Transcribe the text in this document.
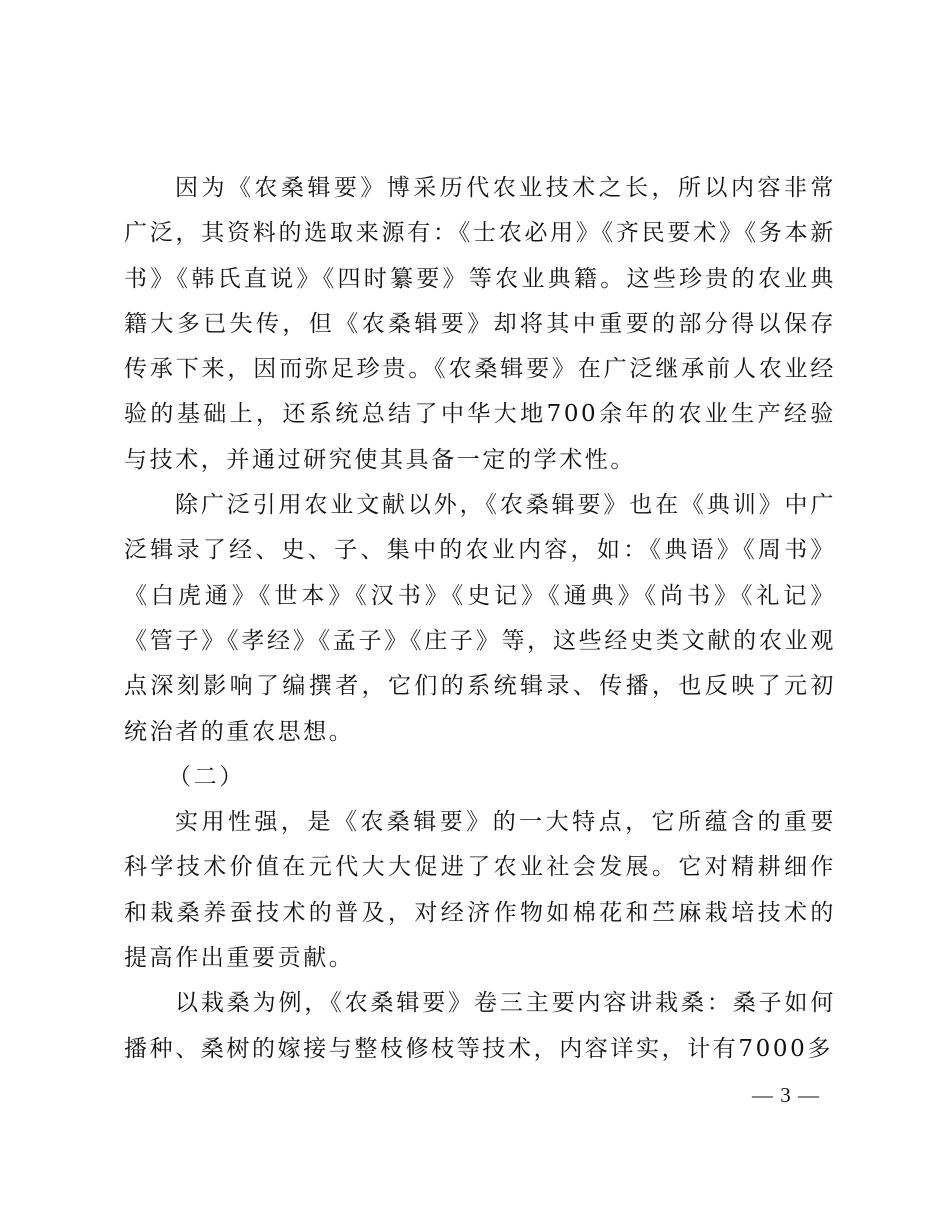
因为《农桑辑要》博采历代农业技术之长，所以内容非常广泛，其资料的选取来源有：《士农必用》《齐民要术》《务本新书》《韩氏直说》《四时纂要》等农业典籍。这些珍贵的农业典籍大多已失传，但《农桑辑要》却将其中重要的部分得以保存传承下来，因而弥足珍贵。《农桑辑要》在广泛继承前人农业经验的基础上，还系统总结了中华大地700余年的农业生产经验与技术，并通过研究使其具备一定的学术性。

除广泛引用农业文献以外，《农桑辑要》也在《典训》中广泛辑录了经、史、子、集中的农业内容，如：《典语》《周书》《白虎通》《世本》《汉书》《史记》《通典》《尚书》《礼记》《管子》《孝经》《孟子》《庄子》等，这些经史类文献的农业观点深刻影响了编撰者，它们的系统辑录、传播，也反映了元初统治者的重农思想。

（二）

实用性强，是《农桑辑要》的一大特点，它所蕴含的重要科学技术价值在元代大大促进了农业社会发展。它对精耕细作和栽桑养蚕技术的普及，对经济作物如棉花和苎麻栽培技术的提高作出重要贡献。

以栽桑为例，《农桑辑要》卷三主要内容讲栽桑：桑子如何播种、桑树的嫁接与整枝修枝等技术，内容详实，计有7000多

— 3 —
